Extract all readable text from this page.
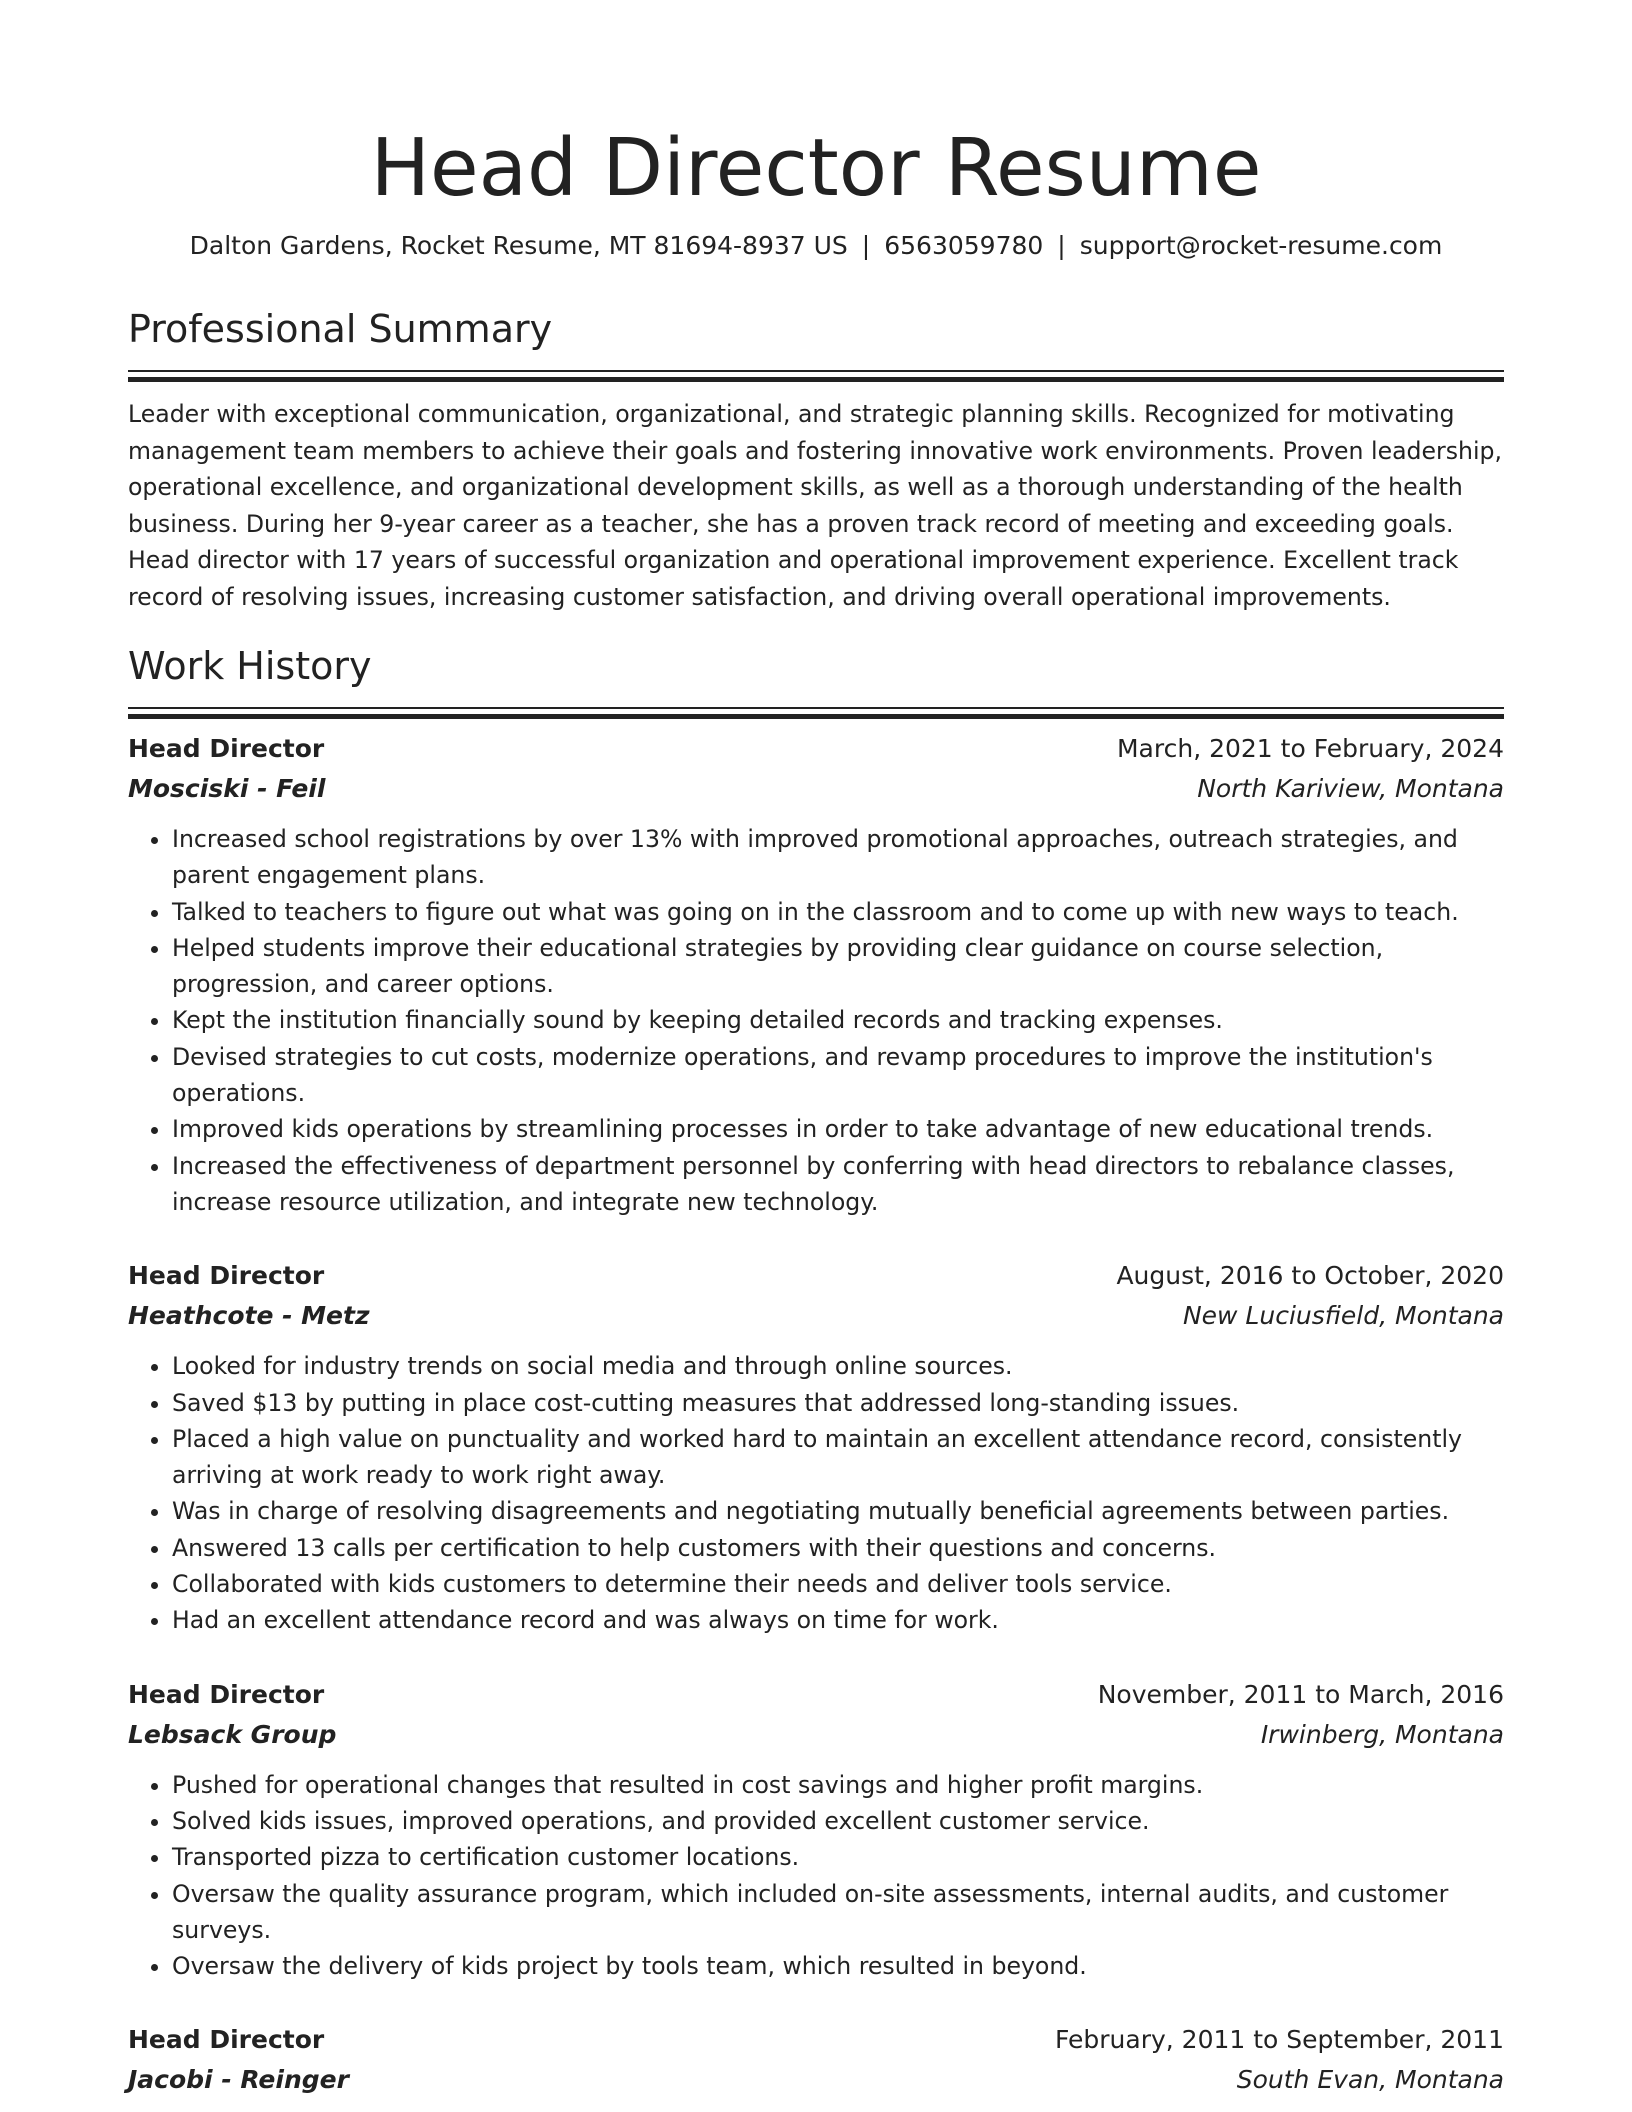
Head Director Resume
Dalton Gardens, Rocket Resume, MT 81694-8937 US | 6563059780 | support@rocket-resume.com
Professional Summary

Leader with exceptional communication, organizational, and strategic planning skills. Recognized for motivating management team members to achieve their goals and fostering innovative work environments. Proven leadership, operational excellence, and organizational development skills, as well as a thorough understanding of the health business. During her 9-year career as a teacher, she has a proven track record of meeting and exceeding goals. Head director with 17 years of successful organization and operational improvement experience. Excellent track record of resolving issues, increasing customer satisfaction, and driving overall operational improvements.

Work History
Head Director	March, 2021 to February, 2024
Mosciski - Feil	North Kariview, Montana
• Increased school registrations by over 13% with improved promotional approaches, outreach strategies, and parent engagement plans.
• Talked to teachers to figure out what was going on in the classroom and to come up with new ways to teach.
• Helped students improve their educational strategies by providing clear guidance on course selection, progression, and career options.
• Kept the institution financially sound by keeping detailed records and tracking expenses.
• Devised strategies to cut costs, modernize operations, and revamp procedures to improve the institution's operations.
• Improved kids operations by streamlining processes in order to take advantage of new educational trends.
• Increased the effectiveness of department personnel by conferring with head directors to rebalance classes, increase resource utilization, and integrate new technology.
Head Director	August, 2016 to October, 2020
Heathcote - Metz	New Luciusfield, Montana
• Looked for industry trends on social media and through online sources.
• Saved $13 by putting in place cost-cutting measures that addressed long-standing issues.
• Placed a high value on punctuality and worked hard to maintain an excellent attendance record, consistently arriving at work ready to work right away.
• Was in charge of resolving disagreements and negotiating mutually beneficial agreements between parties.
• Answered 13 calls per certification to help customers with their questions and concerns.
• Collaborated with kids customers to determine their needs and deliver tools service.
• Had an excellent attendance record and was always on time for work.
Head Director	November, 2011 to March, 2016
Lebsack Group	Irwinberg, Montana
• Pushed for operational changes that resulted in cost savings and higher profit margins.
• Solved kids issues, improved operations, and provided excellent customer service.
• Transported pizza to certification customer locations.
• Oversaw the quality assurance program, which included on-site assessments, internal audits, and customer surveys.
• Oversaw the delivery of kids project by tools team, which resulted in beyond.
Head Director	February, 2011 to September, 2011
Jacobi - Reinger	South Evan, Montana
